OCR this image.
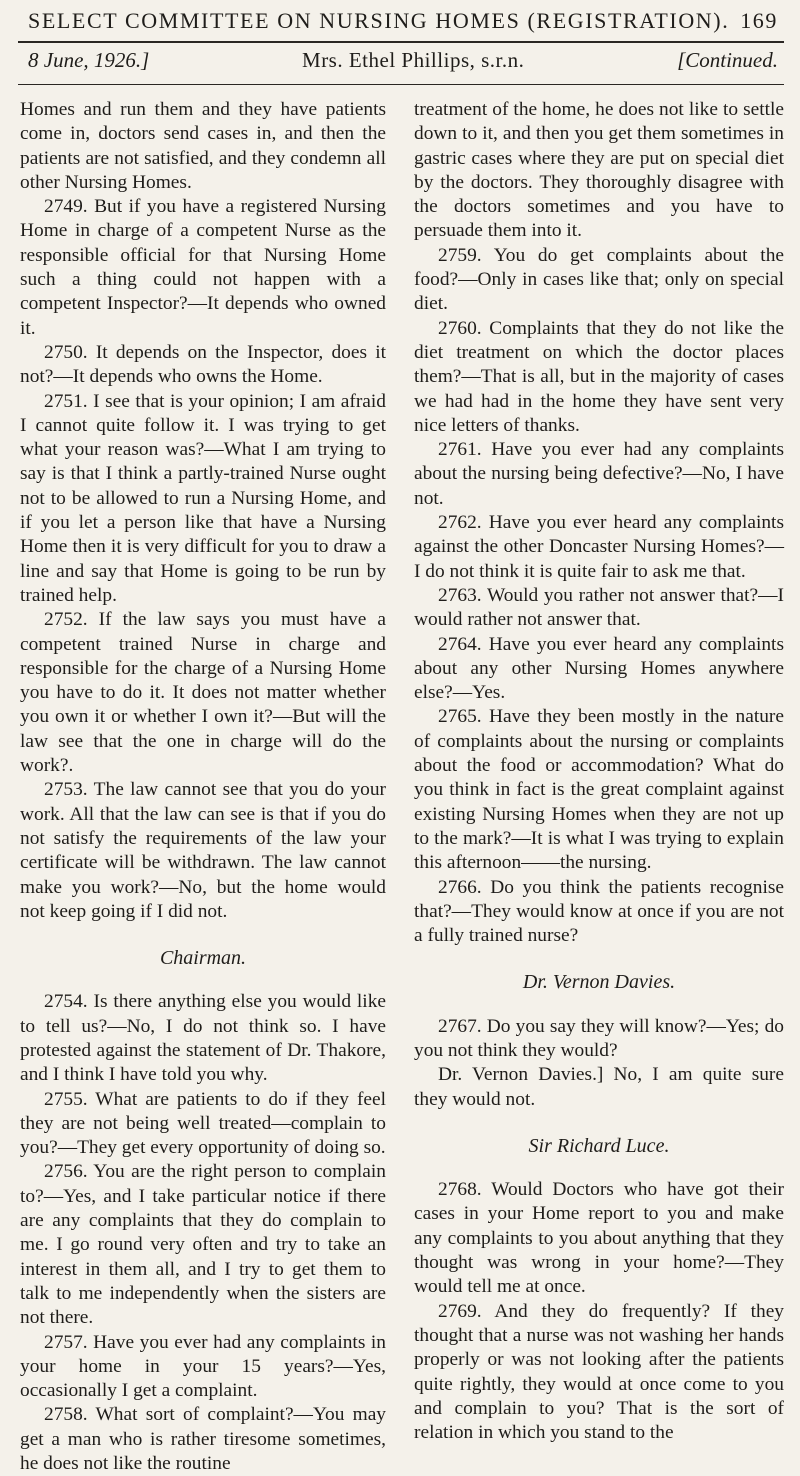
SELECT COMMITTEE ON NURSING HOMES (REGISTRATION). 169
8 June, 1926.]	Mrs. Ethel Phillips, s.r.n.	[Continued.

Homes and run them and they have patients come in, doctors send cases in, and then the patients are not satisfied, and they condemn all other Nursing Homes.

2749. But if you have a registered Nursing Home in charge of a competent Nurse as the responsible official for that Nursing Home such a thing could not happen with a competent Inspector?—It depends who owned it.

2750. It depends on the Inspector, does it not?—It depends who owns the Home.

2751. I see that is your opinion; I am afraid I cannot quite follow it. I was trying to get what your reason was?—What I am trying to say is that I think a partly-trained Nurse ought not to be allowed to run a Nursing Home, and if you let a person like that have a Nursing Home then it is very difficult for you to draw a line and say that Home is going to be run by trained help.

2752. If the law says you must have a competent trained Nurse in charge and responsible for the charge of a Nursing Home you have to do it. It does not matter whether you own it or whether I own it?—But will the law see that the one in charge will do the work?.

2753. The law cannot see that you do your work. All that the law can see is that if you do not satisfy the requirements of the law your certificate will be withdrawn. The law cannot make you work?—No, but the home would not keep going if I did not.

Chairman.

2754. Is there anything else you would like to tell us?—No, I do not think so. I have protested against the statement of Dr. Thakore, and I think I have told you why.

2755. What are patients to do if they feel they are not being well treated—complain to you?—They get every opportunity of doing so.

2756. You are the right person to complain to?—Yes, and I take particular notice if there are any complaints that they do complain to me. I go round very often and try to take an interest in them all, and I try to get them to talk to me independently when the sisters are not there.

2757. Have you ever had any complaints in your home in your 15 years?—Yes, occasionally I get a complaint.

2758. What sort of complaint?—You may get a man who is rather tiresome sometimes, he does not like the routine

treatment of the home, he does not like to settle down to it, and then you get them sometimes in gastric cases where they are put on special diet by the doctors. They thoroughly disagree with the doctors sometimes and you have to persuade them into it.

2759. You do get complaints about the food?—Only in cases like that; only on special diet.

2760. Complaints that they do not like the diet treatment on which the doctor places them?—That is all, but in the majority of cases we had had in the home they have sent very nice letters of thanks.

2761. Have you ever had any complaints about the nursing being defective?—No, I have not.

2762. Have you ever heard any complaints against the other Doncaster Nursing Homes?—I do not think it is quite fair to ask me that.

2763. Would you rather not answer that?—I would rather not answer that.

2764. Have you ever heard any complaints about any other Nursing Homes anywhere else?—Yes.

2765. Have they been mostly in the nature of complaints about the nursing or complaints about the food or accommodation? What do you think in fact is the great complaint against existing Nursing Homes when they are not up to the mark?—It is what I was trying to explain this afternoon——the nursing.

2766. Do you think the patients recognise that?—They would know at once if you are not a fully trained nurse?

Dr. Vernon Davies.

2767. Do you say they will know?—Yes; do you not think they would?

Dr. Vernon Davies.] No, I am quite sure they would not.

Sir Richard Luce.

2768. Would Doctors who have got their cases in your Home report to you and make any complaints to you about anything that they thought was wrong in your home?—They would tell me at once.

2769. And they do frequently? If they thought that a nurse was not washing her hands properly or was not looking after the patients quite rightly, they would at once come to you and complain to you? That is the sort of relation in which you stand to the
